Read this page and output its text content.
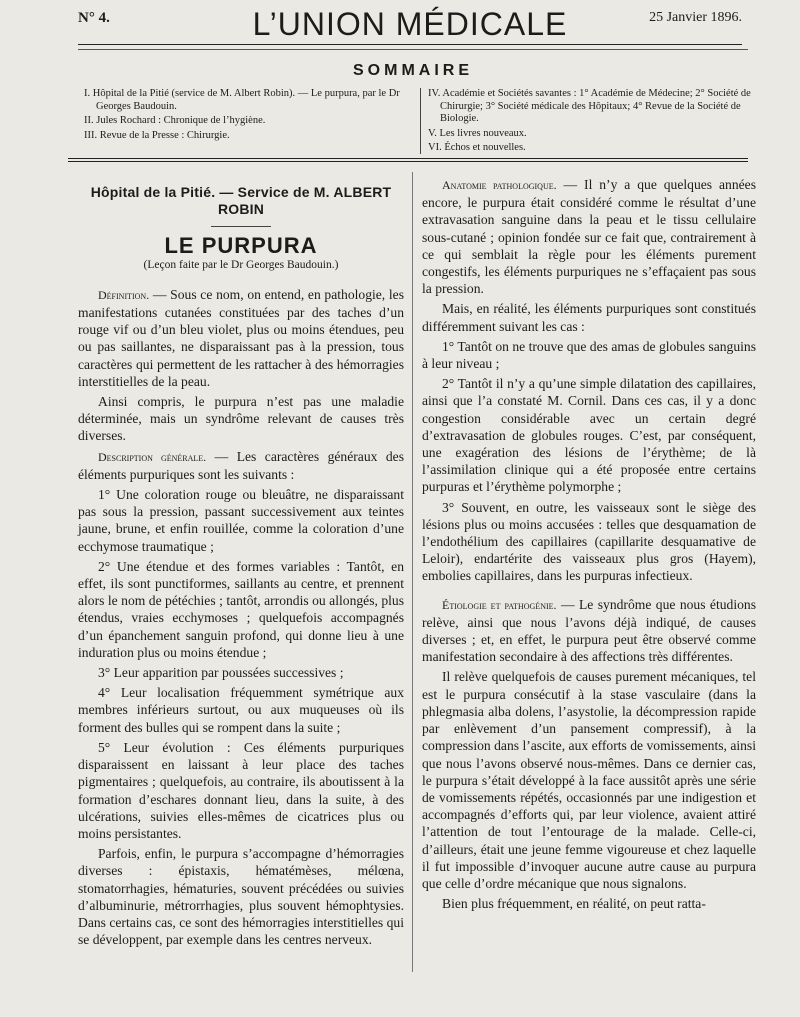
N° 4.	L’UNION MÉDICALE	25 Janvier 1896.
SOMMAIRE
I. Hôpital de la Pitié (service de M. Albert Robin). — Le purpura, par le Dr Georges Baudouin.
II. Jules Rochard : Chronique de l’hygiène.
III. Revue de la Presse : Chirurgie.
IV. Académie et Sociétés savantes : 1° Académie de Médecine; 2° Société de Chirurgie; 3° Société médicale des Hôpitaux; 4° Revue de la Société de Biologie.
V. Les livres nouveaux.
VI. Échos et nouvelles.
Hôpital de la Pitié. — Service de M. ALBERT ROBIN
LE PURPURA
(Leçon faite par le Dr Georges Baudouin.)

Définition. — Sous ce nom, on entend, en pathologie, les manifestations cutanées constituées par des taches d’un rouge vif ou d’un bleu violet, plus ou moins étendues, peu ou pas saillantes, ne disparaissant pas à la pression, tous caractères qui permettent de les rattacher à des hémorragies interstitielles de la peau.

Ainsi compris, le purpura n’est pas une maladie déterminée, mais un syndrôme relevant de causes très diverses.

Description générale. — Les caractères généraux des éléments purpuriques sont les suivants :

1° Une coloration rouge ou bleuâtre, ne disparaissant pas sous la pression, passant successivement aux teintes jaune, brune, et enfin rouillée, comme la coloration d’une ecchymose traumatique ;

2° Une étendue et des formes variables : Tantôt, en effet, ils sont punctiformes, saillants au centre, et prennent alors le nom de pétéchies ; tantôt, arrondis ou allongés, plus étendus, vraies ecchymoses ; quelquefois accompagnés d’un épanchement sanguin profond, qui donne lieu à une induration plus ou moins étendue ;

3° Leur apparition par poussées successives ;

4° Leur localisation fréquemment symétrique aux membres inférieurs surtout, ou aux muqueuses où ils forment des bulles qui se rompent dans la suite ;

5° Leur évolution : Ces éléments purpuriques disparaissent en laissant à leur place des taches pigmentaires ; quelquefois, au contraire, ils aboutissent à la formation d’eschares donnant lieu, dans la suite, à des ulcérations, suivies elles-mêmes de cicatrices plus ou moins persistantes.

Parfois, enfin, le purpura s’accompagne d’hémorragies diverses : épistaxis, hématémèses, mélœna, stomatorrhagies, hématuries, souvent précédées ou suivies d’albuminurie, métrorrhagies, plus souvent hémophtysies. Dans certains cas, ce sont des hémorragies interstitielles qui se développent, par exemple dans les centres nerveux.

Anatomie pathologique. — Il n’y a que quelques années encore, le purpura était considéré comme le résultat d’une extravasation sanguine dans la peau et le tissu cellulaire sous-cutané ; opinion fondée sur ce fait que, contrairement à ce qui semblait la règle pour les éléments purement congestifs, les éléments purpuriques ne s’effaçaient pas sous la pression.

Mais, en réalité, les éléments purpuriques sont constitués différemment suivant les cas :

1° Tantôt on ne trouve que des amas de globules sanguins à leur niveau ;

2° Tantôt il n’y a qu’une simple dilatation des capillaires, ainsi que l’a constaté M. Cornil. Dans ces cas, il y a donc congestion considérable avec un certain degré d’extravasation de globules rouges. C’est, par conséquent, une exagération des lésions de l’érythème; de là l’assimilation clinique qui a été proposée entre certains purpuras et l’érythème polymorphe ;

3° Souvent, en outre, les vaisseaux sont le siège des lésions plus ou moins accusées : telles que desquamation de l’endothélium des capillaires (capillarite desquamative de Leloir), endartérite des vaisseaux plus gros (Hayem), embolies capillaires, dans les purpuras infectieux.

Étiologie et pathogénie. — Le syndrôme que nous étudions relève, ainsi que nous l’avons déjà indiqué, de causes diverses ; et, en effet, le purpura peut être observé comme manifestation secondaire à des affections très différentes.

Il relève quelquefois de causes purement mécaniques, tel est le purpura consécutif à la stase vasculaire (dans la phlegmasia alba dolens, l’asystolie, la décompression rapide par enlèvement d’un pansement compressif), à la compression dans l’ascite, aux efforts de vomissements, ainsi que nous l’avons observé nous-mêmes. Dans ce dernier cas, le purpura s’était développé à la face aussitôt après une série de vomissements répétés, occasionnés par une indigestion et accompagnés d’efforts qui, par leur violence, avaient attiré l’attention de tout l’entourage de la malade. Celle-ci, d’ailleurs, était une jeune femme vigoureuse et chez laquelle il fut impossible d’invoquer aucune autre cause au purpura que celle d’ordre mécanique que nous signalons.

Bien plus fréquemment, en réalité, on peut ratta-
